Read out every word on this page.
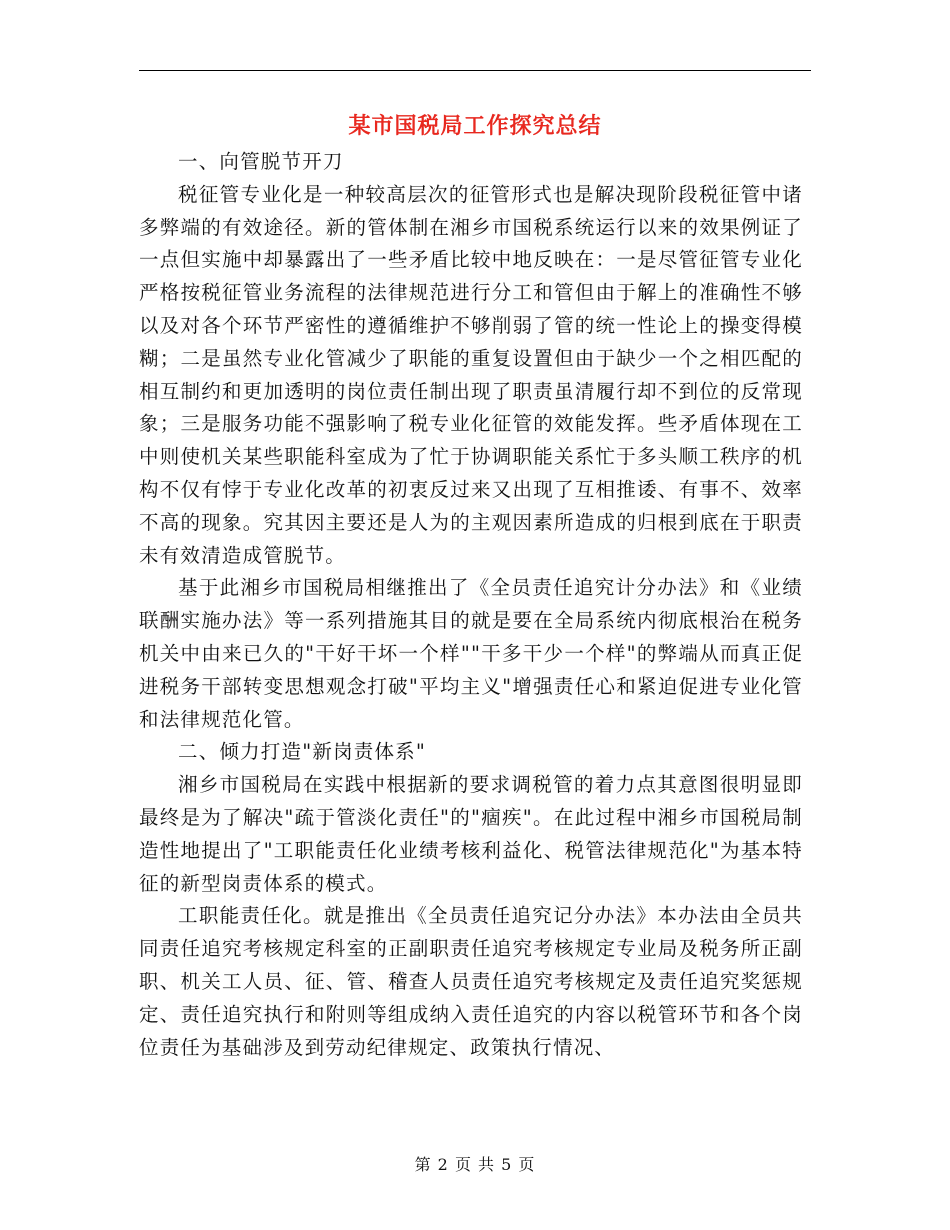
某市国税局工作探究总结

一、向管脱节开刀

税征管专业化是一种较高层次的征管形式也是解决现阶段税征管中诸多弊端的有效途径。新的管体制在湘乡市国税系统运行以来的效果例证了一点但实施中却暴露出了一些矛盾比较中地反映在：一是尽管征管专业化严格按税征管业务流程的法律规范进行分工和管但由于解上的准确性不够以及对各个环节严密性的遵循维护不够削弱了管的统一性论上的操变得模糊；二是虽然专业化管减少了职能的重复设置但由于缺少一个之相匹配的相互制约和更加透明的岗位责任制出现了职责虽清履行却不到位的反常现象；三是服务功能不强影响了税专业化征管的效能发挥。些矛盾体现在工中则使机关某些职能科室成为了忙于协调职能关系忙于多头顺工秩序的机构不仅有悖于专业化改革的初衷反过来又出现了互相推诿、有事不、效率不高的现象。究其因主要还是人为的主观因素所造成的归根到底在于职责未有效清造成管脱节。

基于此湘乡市国税局相继推出了《全员责任追究计分办法》和《业绩联酬实施办法》等一系列措施其目的就是要在全局系统内彻底根治在税务机关中由来已久的"干好干坏一个样""干多干少一个样"的弊端从而真正促进税务干部转变思想观念打破"平均主义"增强责任心和紧迫促进专业化管和法律规范化管。

二、倾力打造"新岗责体系"

湘乡市国税局在实践中根据新的要求调税管的着力点其意图很明显即最终是为了解决"疏于管淡化责任"的"痼疾"。在此过程中湘乡市国税局制造性地提出了"工职能责任化业绩考核利益化、税管法律规范化"为基本特征的新型岗责体系的模式。

工职能责任化。就是推出《全员责任追究记分办法》本办法由全员共同责任追究考核规定科室的正副职责任追究考核规定专业局及税务所正副职、机关工人员、征、管、稽查人员责任追究考核规定及责任追究奖惩规定、责任追究执行和附则等组成纳入责任追究的内容以税管环节和各个岗位责任为基础涉及到劳动纪律规定、政策执行情况、

第 2 页 共 5 页
